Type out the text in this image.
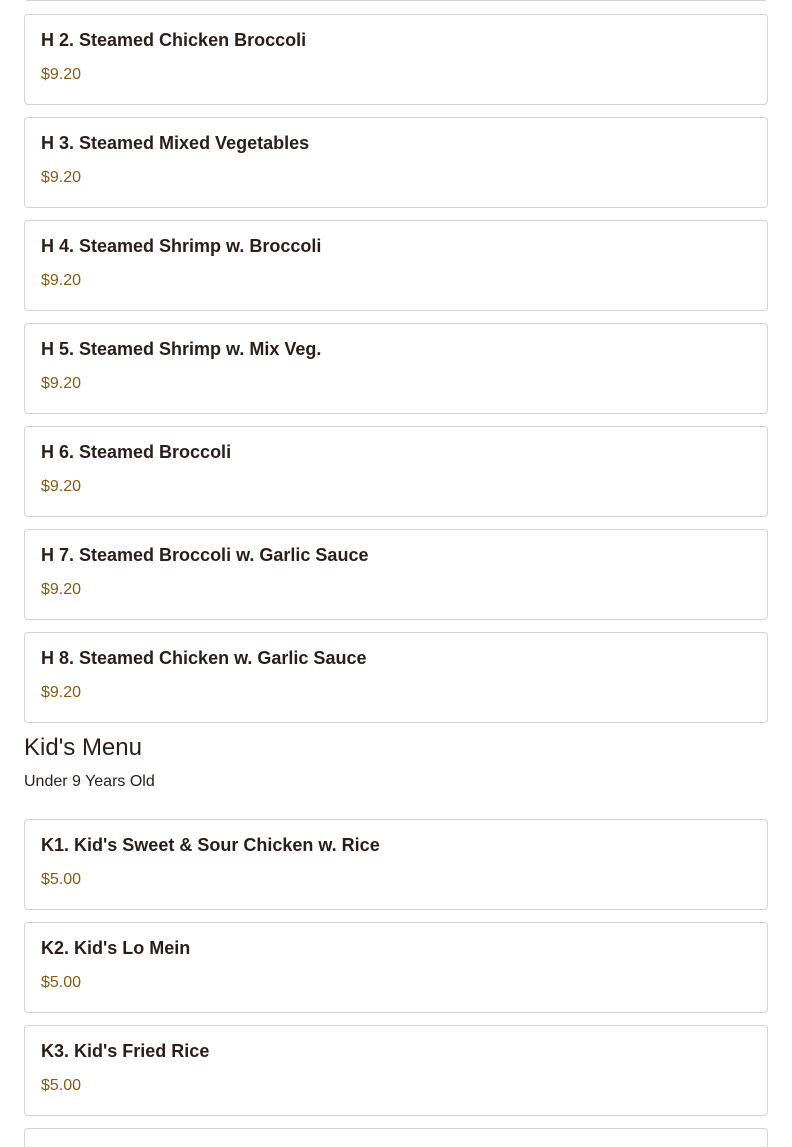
H 2. Steamed Chicken Broccoli
$9.20
H 3. Steamed Mixed Vegetables
$9.20
H 4. Steamed Shrimp w. Broccoli
$9.20
H 5. Steamed Shrimp w. Mix Veg.
$9.20
H 6. Steamed Broccoli
$9.20
H 7. Steamed Broccoli w. Garlic Sauce
$9.20
H 8. Steamed Chicken w. Garlic Sauce
$9.20
Kid's Menu

Under 9 Years Old

K1. Kid's Sweet & Sour Chicken w. Rice
$5.00
K2. Kid's Lo Mein
$5.00
K3. Kid's Fried Rice
$5.00
